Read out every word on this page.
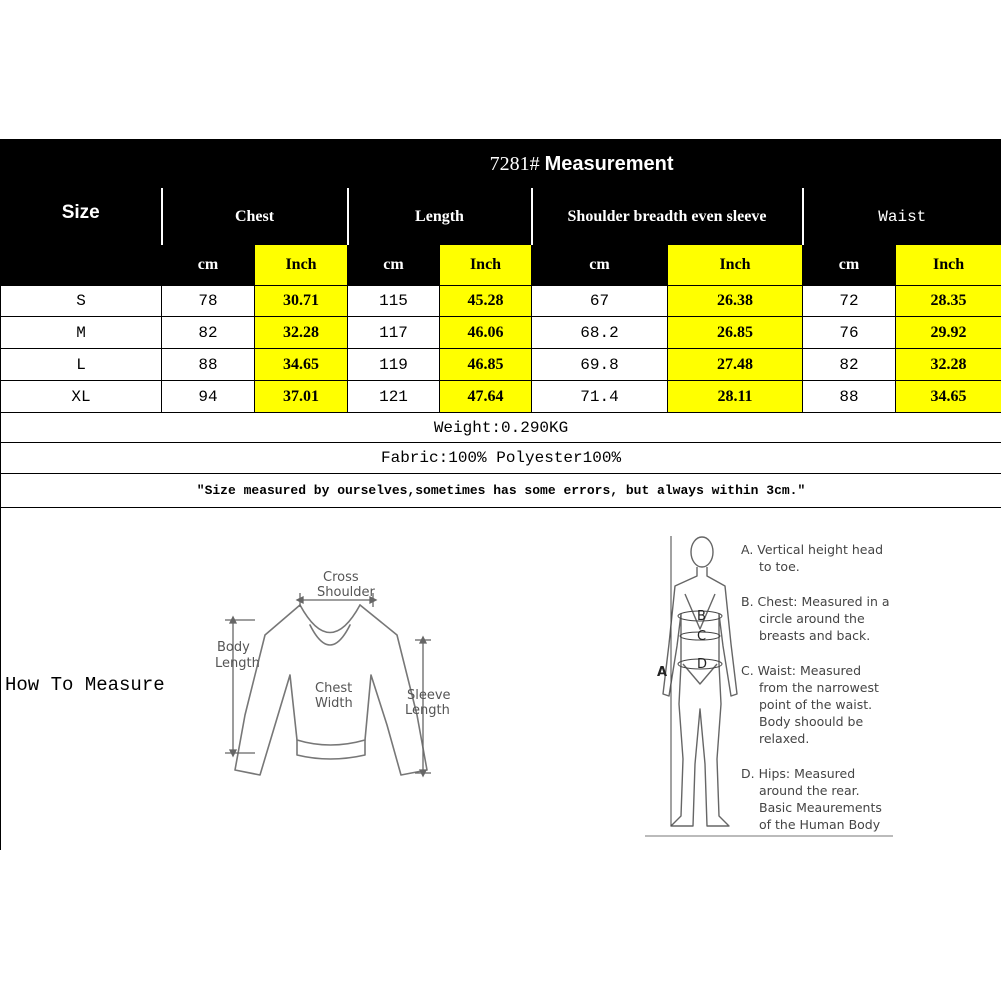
Size	7281# Measurement							
	Chest		Length		Shoulder breadth even sleeve		Waist	
	cm	Inch	cm	Inch	cm	Inch	cm	Inch
S	78	30.71	115	45.28	67	26.38	72	28.35
M	82	32.28	117	46.06	68.2	26.85	76	29.92
L	88	34.65	119	46.85	69.8	27.48	82	32.28
XL	94	37.01	121	47.64	71.4	28.11	88	34.65
Weight:0.290KG								
Fabric:100% Polyester100%								
"Size measured by ourselves,sometimes has some errors, but always within 3cm."								

How To Measure
Cross
Shoulder
Body
Length
Chest
Width
Sleeve
Length
A
B
C
D
A. Vertical height head
to toe.
B. Chest: Measured in a
circle around the
breasts and back.
C. Waist: Measured
from the narrowest
point of the waist.
Body shoould be
relaxed.
D. Hips: Measured
around the rear.
Basic Meaurements
of the Human Body
